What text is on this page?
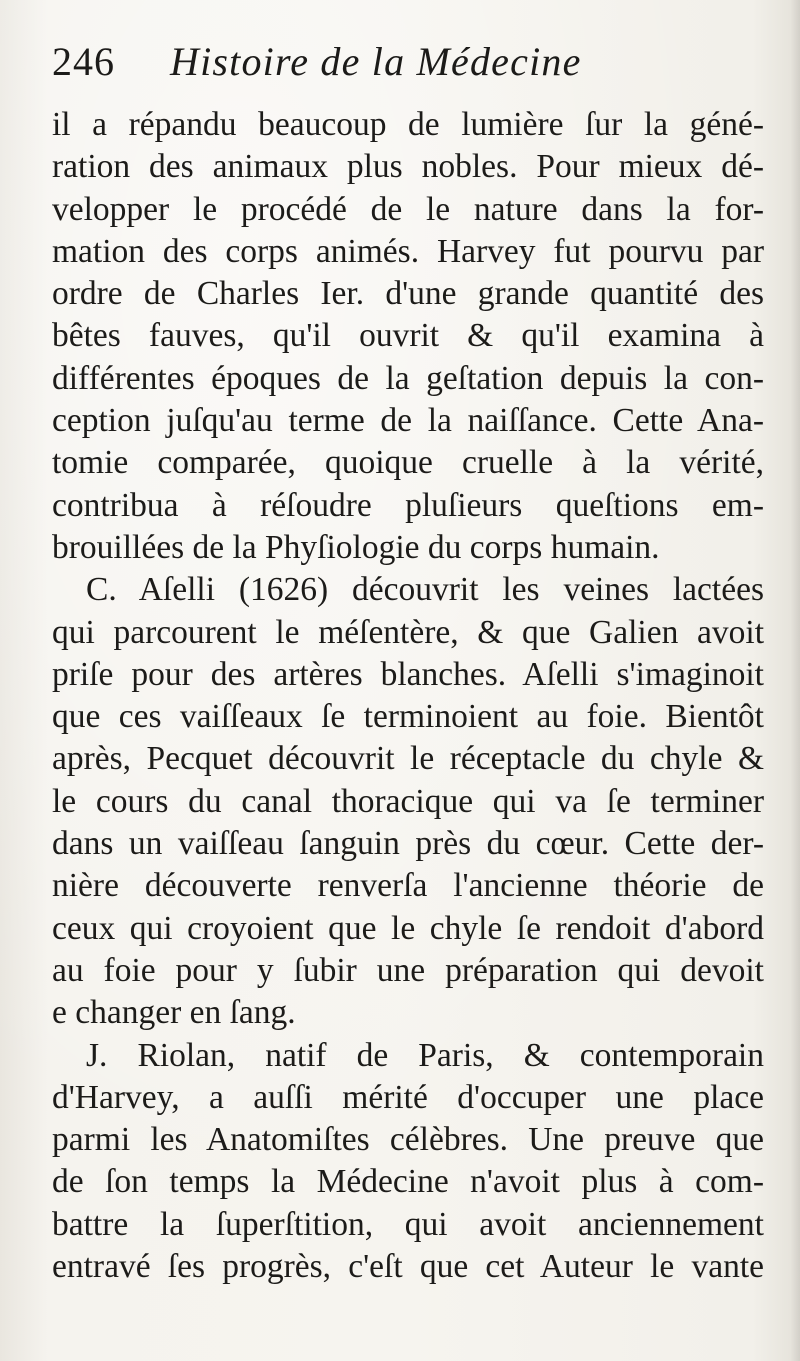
246	Histoire de la Médecine
il a répandu beaucoup de lumière ſur la géné-
ration des animaux plus nobles. Pour mieux dé-
velopper le procédé de le nature dans la for-
mation des corps animés. Harvey fut pourvu par
ordre de Charles Ier. d'une grande quantité des
bêtes fauves, qu'il ouvrit & qu'il examina à
différentes époques de la geſtation depuis la con-
ception juſqu'au terme de la naiſſance. Cette Ana-
tomie comparée, quoique cruelle à la vérité,
contribua à réſoudre pluſieurs queſtions em-
brouillées de la Phyſiologie du corps humain.
C. Aſelli (1626) découvrit les veines lactées
qui parcourent le méſentère, & que Galien avoit
priſe pour des artères blanches. Aſelli s'imaginoit
que ces vaiſſeaux ſe terminoient au foie. Bientôt
après, Pecquet découvrit le réceptacle du chyle &
le cours du canal thoracique qui va ſe terminer
dans un vaiſſeau ſanguin près du cœur. Cette der-
nière découverte renverſa l'ancienne théorie de
ceux qui croyoient que le chyle ſe rendoit d'abord
au foie pour y ſubir une préparation qui devoit
e changer en ſang.
J. Riolan, natif de Paris, & contemporain
d'Harvey, a auſſi mérité d'occuper une place
parmi les Anatomiſtes célèbres. Une preuve que
de ſon temps la Médecine n'avoit plus à com-
battre la ſuperſtition, qui avoit anciennement
entravé ſes progrès, c'eſt que cet Auteur le vante
